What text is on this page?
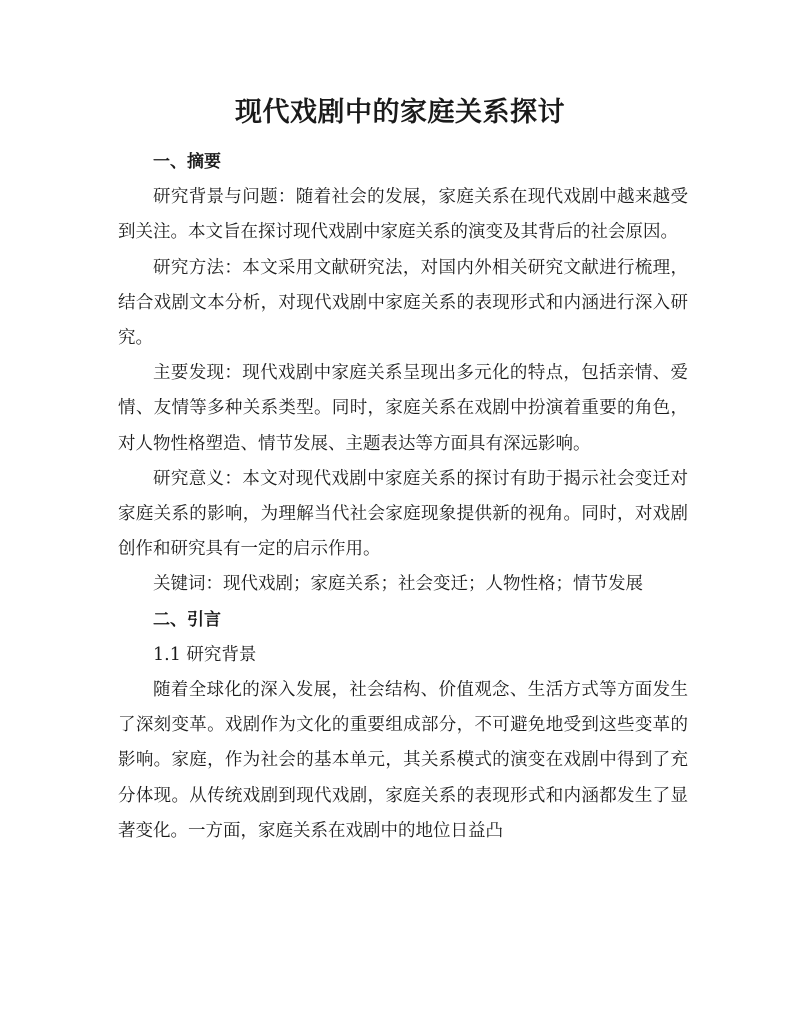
现代戏剧中的家庭关系探讨

一、摘要

研究背景与问题：随着社会的发展，家庭关系在现代戏剧中越来越受到关注。本文旨在探讨现代戏剧中家庭关系的演变及其背后的社会原因。

研究方法：本文采用文献研究法，对国内外相关研究文献进行梳理，结合戏剧文本分析，对现代戏剧中家庭关系的表现形式和内涵进行深入研究。

主要发现：现代戏剧中家庭关系呈现出多元化的特点，包括亲情、爱情、友情等多种关系类型。同时，家庭关系在戏剧中扮演着重要的角色，对人物性格塑造、情节发展、主题表达等方面具有深远影响。

研究意义：本文对现代戏剧中家庭关系的探讨有助于揭示社会变迁对家庭关系的影响，为理解当代社会家庭现象提供新的视角。同时，对戏剧创作和研究具有一定的启示作用。

关键词：现代戏剧；家庭关系；社会变迁；人物性格；情节发展

二、引言

1.1 研究背景

随着全球化的深入发展，社会结构、价值观念、生活方式等方面发生了深刻变革。戏剧作为文化的重要组成部分，不可避免地受到这些变革的影响。家庭，作为社会的基本单元，其关系模式的演变在戏剧中得到了充分体现。从传统戏剧到现代戏剧，家庭关系的表现形式和内涵都发生了显著变化。一方面，家庭关系在戏剧中的地位日益凸
